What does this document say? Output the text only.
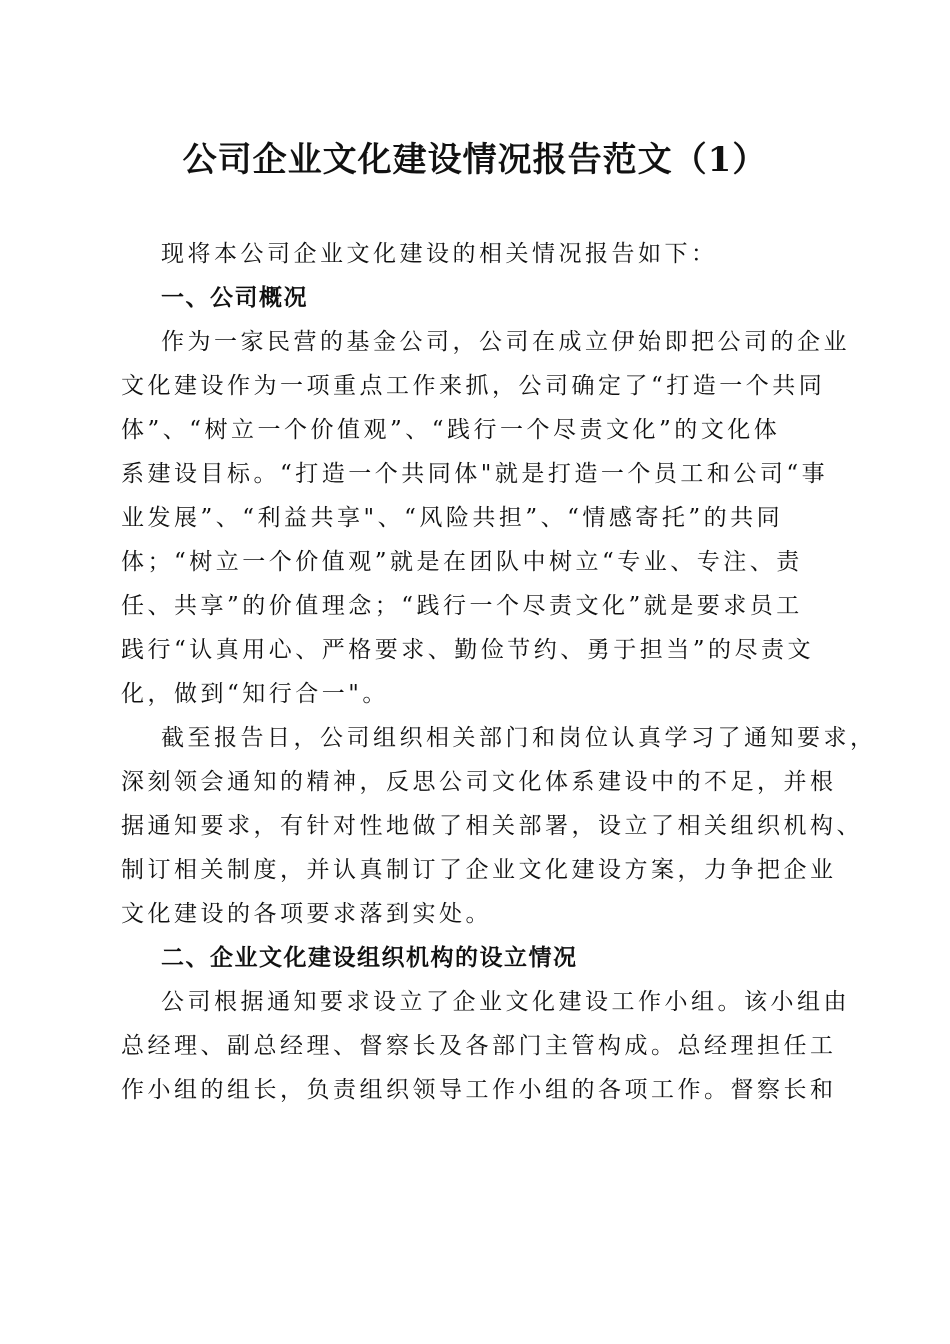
公司企业文化建设情况报告范文（1）

现将本公司企业文化建设的相关情况报告如下：

一、公司概况

作为一家民营的基金公司，公司在成立伊始即把公司的企业
文化建设作为一项重点工作来抓，公司确定了“打造一个共同
体”、“树立一个价值观”、“践行一个尽责文化”的文化体
系建设目标。“打造一个共同体"就是打造一个员工和公司“事
业发展”、“利益共享"、“风险共担”、“情感寄托”的共同
体；“树立一个价值观”就是在团队中树立“专业、专注、责
任、共享”的价值理念；“践行一个尽责文化”就是要求员工
践行“认真用心、严格要求、勤俭节约、勇于担当”的尽责文
化，做到“知行合一"。

截至报告日，公司组织相关部门和岗位认真学习了通知要求，
深刻领会通知的精神，反思公司文化体系建设中的不足，并根
据通知要求，有针对性地做了相关部署，设立了相关组织机构、
制订相关制度，并认真制订了企业文化建设方案，力争把企业
文化建设的各项要求落到实处。

二、企业文化建设组织机构的设立情况

公司根据通知要求设立了企业文化建设工作小组。该小组由
总经理、副总经理、督察长及各部门主管构成。总经理担任工
作小组的组长，负责组织领导工作小组的各项工作。督察长和
